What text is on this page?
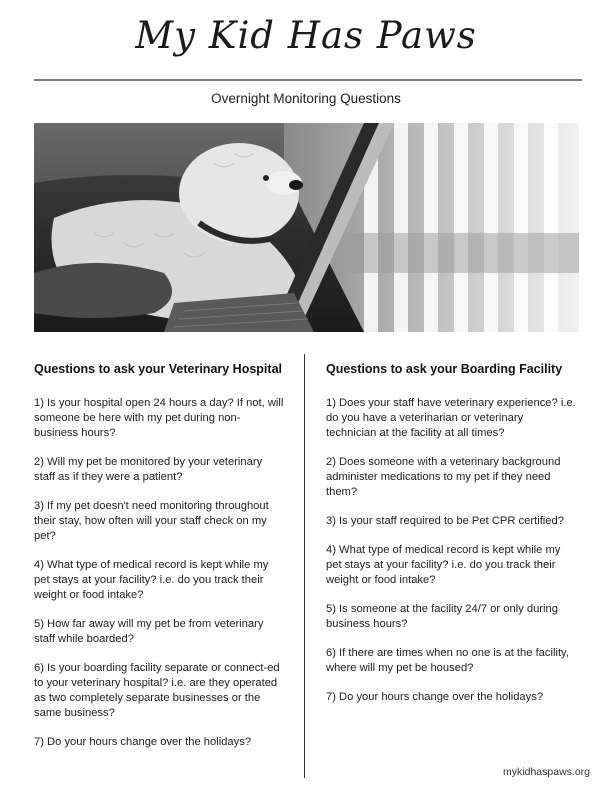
My Kid Has Paws
Overnight Monitoring Questions
Questions to ask your Veterinary Hospital
1) Is your hospital open 24 hours a day? If not, will someone be here with my pet during non-business hours?
2) Will my pet be monitored by your veterinary staff as if they were a patient?
3) If my pet doesn't need monitoring throughout their stay, how often will your staff check on my pet?
4) What type of medical record is kept while my pet stays at your facility? i.e. do you track their weight or food intake?
5) How far away will my pet be from veterinary staff while boarded?
6) Is your boarding facility separate or connect-ed to your veterinary hospital? i.e. are they operated as two completely separate businesses or the same business?
7) Do your hours change over the holidays?
Questions to ask your Boarding Facility
1) Does your staff have veterinary experience? i.e. do you have a veterinarian or veterinary technician at the facility at all times?
2) Does someone with a veterinary background administer medications to my pet if they need them?
3) Is your staff required to be Pet CPR certified?
4) What type of medical record is kept while my pet stays at your facility? i.e. do you track their weight or food intake?
5) Is someone at the facility 24/7 or only during business hours?
6) If there are times when no one is at the facility, where will my pet be housed?
7) Do your hours change over the holidays?
mykidhaspaws.org
